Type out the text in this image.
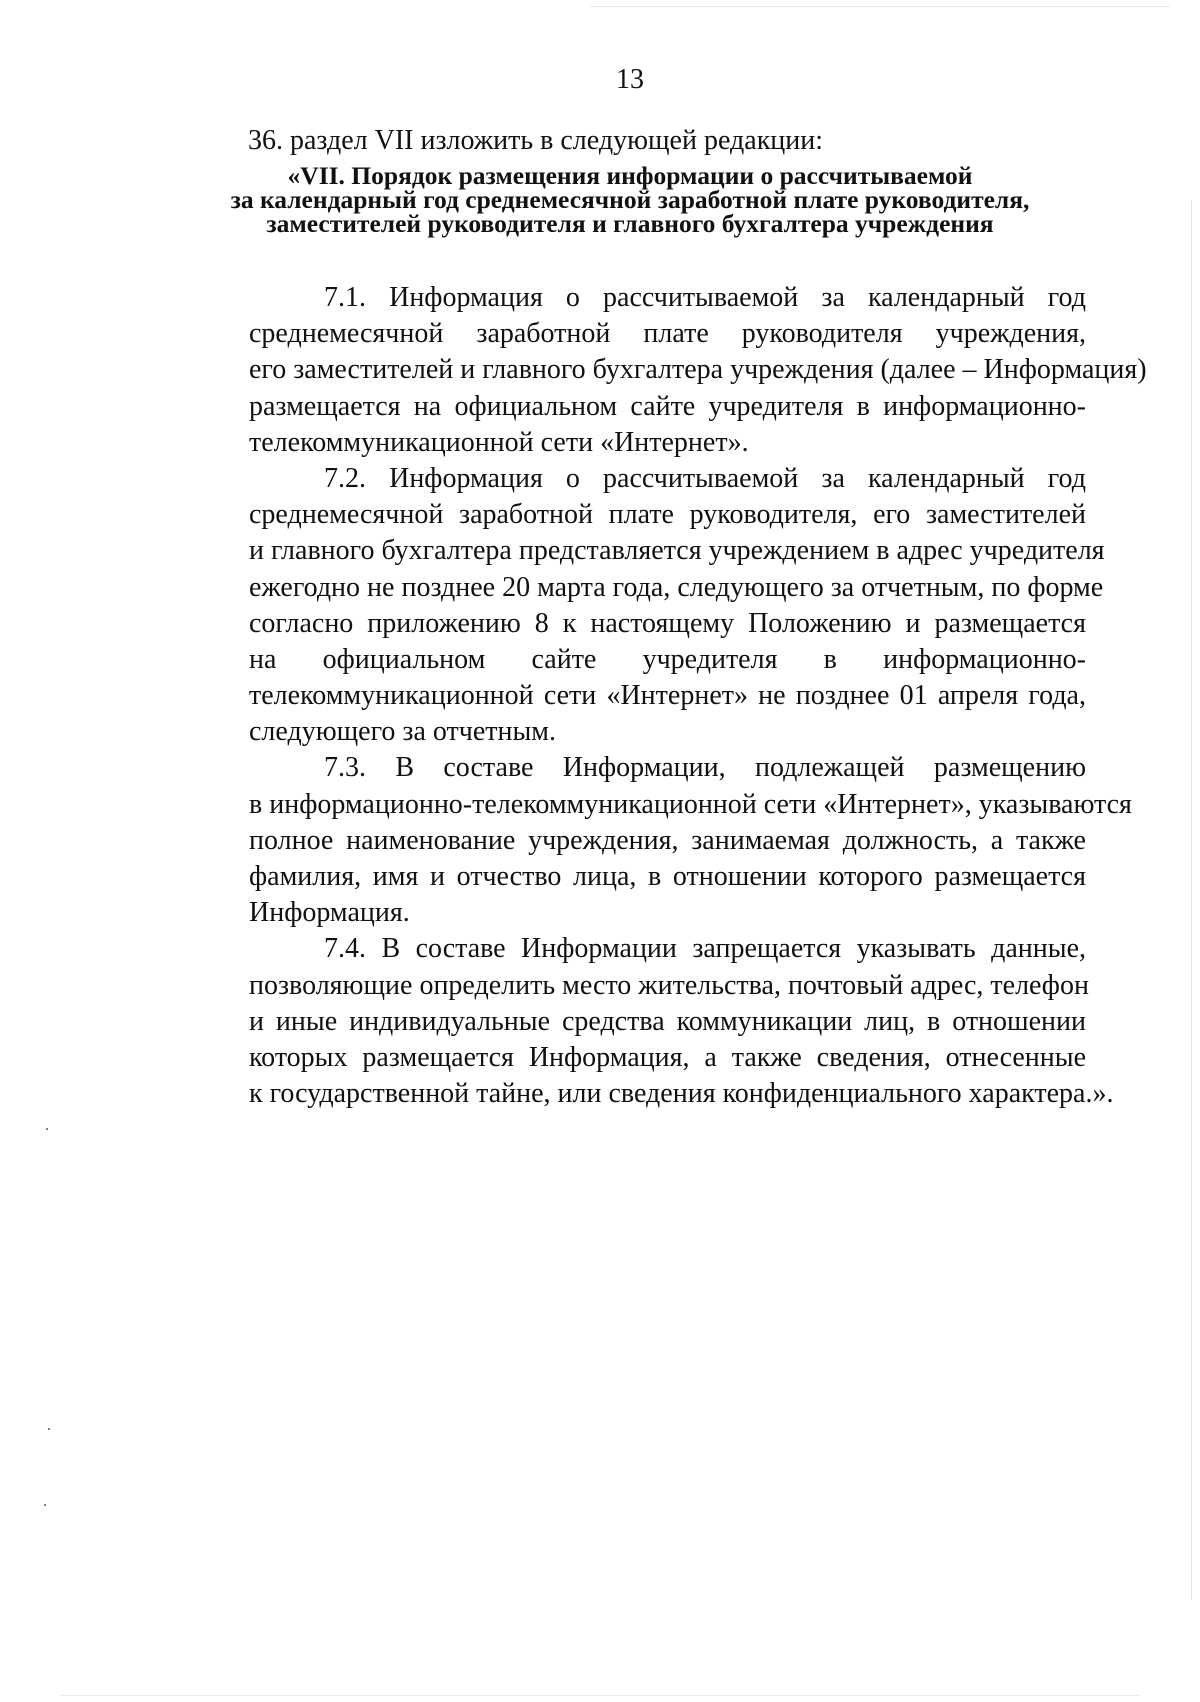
13
36. раздел VII изложить в следующей редакции:
«VII. Порядок размещения информации о рассчитываемой
за календарный год среднемесячной заработной плате руководителя,
заместителей руководителя и главного бухгалтера учреждения
7.1. Информация о рассчитываемой за календарный год
среднемесячной заработной плате руководителя учреждения,
его заместителей и главного бухгалтера учреждения (далее – Информация)
размещается на официальном сайте учредителя в информационно-
телекоммуникационной сети «Интернет».
7.2. Информация о рассчитываемой за календарный год
среднемесячной заработной плате руководителя, его заместителей
и главного бухгалтера представляется учреждением в адрес учредителя
ежегодно не позднее 20 марта года, следующего за отчетным, по форме
согласно приложению 8 к настоящему Положению и размещается
на официальном сайте учредителя в информационно-
телекоммуникационной сети «Интернет» не позднее 01 апреля года,
следующего за отчетным.
7.3. В составе Информации, подлежащей размещению
в информационно-телекоммуникационной сети «Интернет», указываются
полное наименование учреждения, занимаемая должность, а также
фамилия, имя и отчество лица, в отношении которого размещается
Информация.
7.4. В составе Информации запрещается указывать данные,
позволяющие определить место жительства, почтовый адрес, телефон
и иные индивидуальные средства коммуникации лиц, в отношении
которых размещается Информация, а также сведения, отнесенные
к государственной тайне, или сведения конфиденциального характера.».
